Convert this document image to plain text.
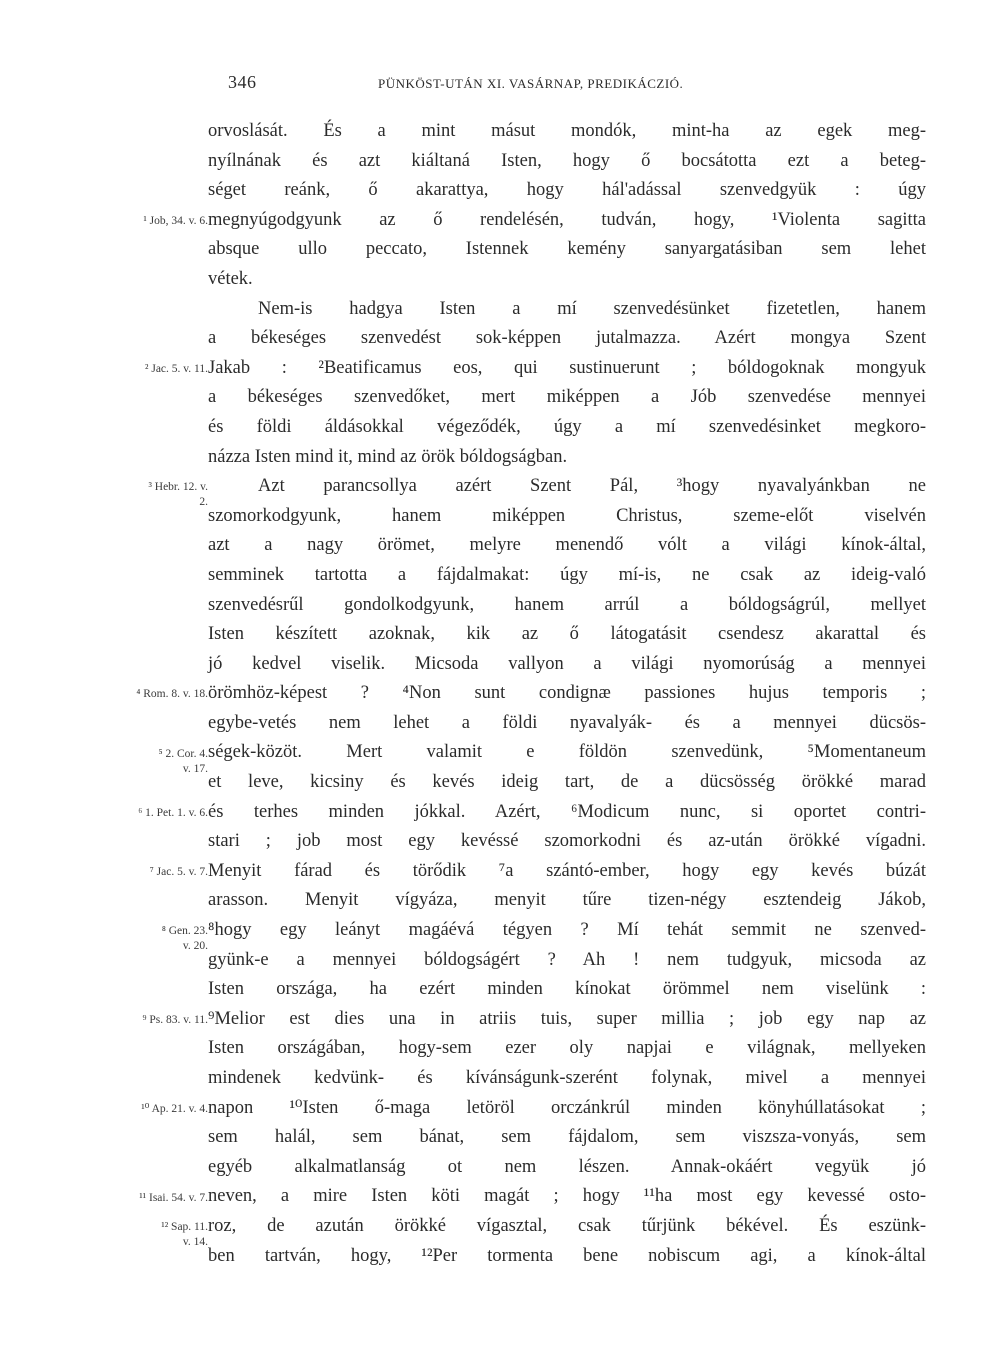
346	PÜNKÖST-UTÁN XI. VASÁRNAP, PREDIKÁCZIÓ.
¹ Job, 34. v. 6.
² Jac. 5. v. 11.
³ Hebr. 12. v.
2.
⁴ Rom. 8. v. 18.
⁵ 2. Cor. 4.
v. 17.
⁶ 1. Pet. 1. v. 6.
⁷ Jac. 5. v. 7.
⁸ Gen. 23.
v. 20.
⁹ Ps. 83. v. 11.
¹⁰ Ap. 21. v. 4.
¹¹ Isai. 54. v. 7.
¹² Sap. 11.
v. 14.
orvoslását. És a mint másut mondók, mint-ha az egek meg-
nyílnának és azt kiáltaná Isten, hogy ő bocsátotta ezt a beteg-
séget reánk, ő akarattya, hogy hál'adással szenvedgyük : úgy
megnyúgodgyunk az ő rendelésén, tudván, hogy, ¹Violenta sagitta
absque ullo peccato, Istennek kemény sanyargatásiban sem lehet
vétek.
Nem-is hadgya Isten a mí szenvedésünket fizetetlen, hanem
a békeséges szenvedést sok-képpen jutalmazza. Azért mongya Szent
Jakab : ²Beatificamus eos, qui sustinuerunt ; bóldogoknak mongyuk
a békeséges szenvedőket, mert miképpen a Jób szenvedése mennyei
és földi áldásokkal végeződék, úgy a mí szenvedésinket megkoro-
názza Isten mind it, mind az örök bóldogságban.
Azt parancsollya azért Szent Pál, ³hogy nyavalyánkban ne
szomorkodgyunk, hanem miképpen Christus, szeme-előt viselvén
azt a nagy örömet, melyre menendő vólt a világi kínok-által,
semminek tartotta a fájdalmakat: úgy mí-is, ne csak az ideig-való
szenvedésrűl gondolkodgyunk, hanem arrúl a bóldogságrúl, mellyet
Isten készített azoknak, kik az ő látogatásit csendesz akarattal és
jó kedvel viselik. Micsoda vallyon a világi nyomorúság a mennyei
örömhöz-képest ? ⁴Non sunt condignæ passiones hujus temporis ;
egybe-vetés nem lehet a földi nyavalyák- és a mennyei dücsös-
ségek-közöt. Mert valamit e földön szenvedünk, ⁵Momentaneum
et leve, kicsiny és kevés ideig tart, de a dücsösség örökké marad
és terhes minden jókkal. Azért, ⁶Modicum nunc, si oportet contri-
stari ; job most egy kevéssé szomorkodni és az-után örökké vígadni.
Menyit fárad és törődik ⁷a szántó-ember, hogy egy kevés búzát
arasson. Menyit vígyáza, menyit tűre tizen-négy esztendeig Jákob,
⁸hogy egy leányt magáévá tégyen ? Mí tehát semmit ne szenved-
gyünk-e a mennyei bóldogságért ? Ah ! nem tudgyuk, micsoda az
Isten országa, ha ezért minden kínokat örömmel nem viselünk :
⁹Melior est dies una in atriis tuis, super millia ; job egy nap az
Isten országában, hogy-sem ezer oly napjai e világnak, mellyeken
mindenek kedvünk- és kívánságunk-szerént folynak, mivel a mennyei
napon ¹⁰Isten ő-maga letöröl orczánkrúl minden könyhúllatásokat ;
sem halál, sem bánat, sem fájdalom, sem viszsza-vonyás, sem
egyéb alkalmatlanság ot nem lészen. Annak-okáért vegyük jó
neven, a mire Isten köti magát ; hogy ¹¹ha most egy kevessé osto-
roz, de azután örökké vígasztal, csak tűrjünk békével. És eszünk-
ben tartván, hogy, ¹²Per tormenta bene nobiscum agi, a kínok-által
